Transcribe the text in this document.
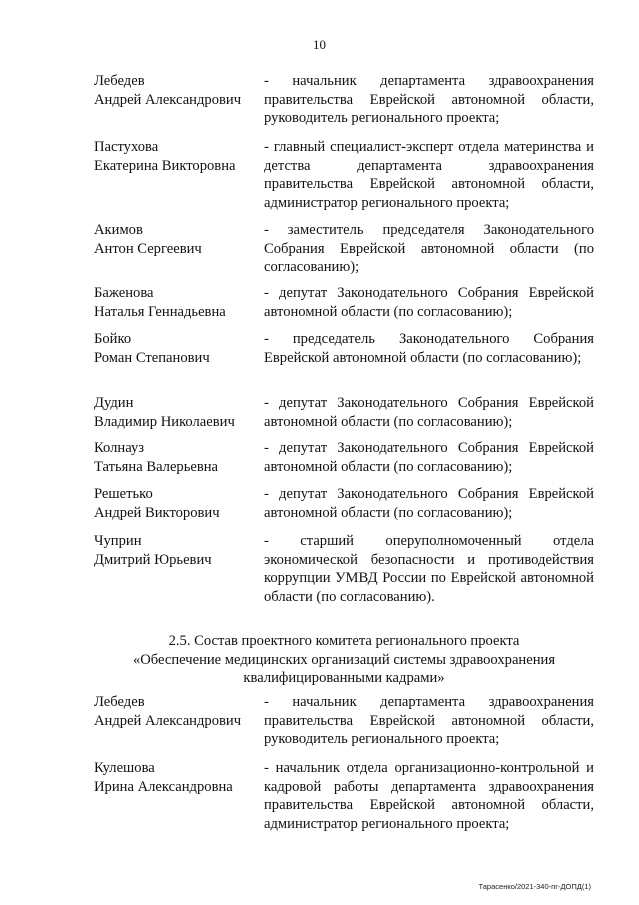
10
Лебедев
Андрей Александрович
- начальник департамента здравоохранения правительства Еврейской автономной области, руководитель регионального проекта;
Пастухова
Екатерина Викторовна
- главный специалист-эксперт отдела материнства и детства департамента здравоохранения правительства Еврейской автономной области, администратор регионального проекта;
Акимов
Антон Сергеевич
- заместитель председателя Законодательного Собрания Еврейской автономной области (по согласованию);
Баженова
Наталья Геннадьевна
- депутат Законодательного Собрания Еврейской автономной области (по согласованию);
Бойко
Роман Степанович
- председатель Законодательного Собрания Еврейской автономной области (по согласованию);
Дудин
Владимир Николаевич
- депутат Законодательного Собрания Еврейской автономной области (по согласованию);
Колнауз
Татьяна Валерьевна
- депутат Законодательного Собрания Еврейской автономной области (по согласованию);
Решетько
Андрей Викторович
- депутат Законодательного Собрания Еврейской автономной области (по согласованию);
Чуприн
Дмитрий Юрьевич
- старший оперуполномоченный отдела экономической безопасности и противодействия коррупции УМВД России по Еврейской автономной области (по согласованию).
2.5. Состав проектного комитета регионального проекта
«Обеспечение медицинских организаций системы здравоохранения
квалифицированными кадрами»
Лебедев
Андрей Александрович
- начальник департамента здравоохранения правительства Еврейской автономной области, руководитель регионального проекта;
Кулешова
Ирина Александровна
- начальник отдела организационно-контрольной и кадровой работы департамента здравоохранения правительства Еврейской автономной области, администратор регионального проекта;
Тарасенко/2021-340-пг-ДОПД(1)
